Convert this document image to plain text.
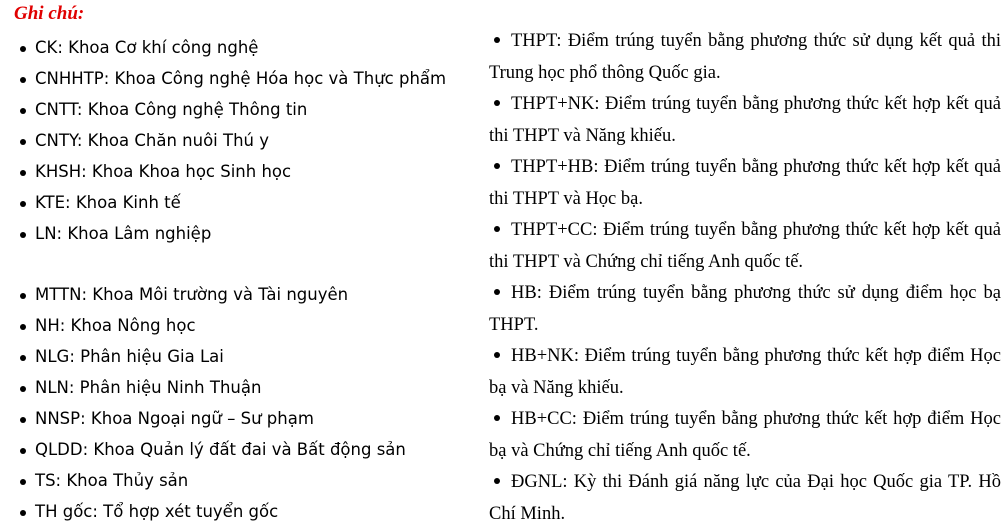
Ghi chú:
CK: Khoa Cơ khí công nghệ
CNHHTP: Khoa Công nghệ Hóa học và Thực phẩm
CNTT: Khoa Công nghệ Thông tin
CNTY: Khoa Chăn nuôi Thú y
KHSH: Khoa Khoa học Sinh học
KTE: Khoa Kinh tế
LN: Khoa Lâm nghiệp
MTTN: Khoa Môi trường và Tài nguyên
NH: Khoa Nông học
NLG: Phân hiệu Gia Lai
NLN: Phân hiệu Ninh Thuận
NNSP: Khoa Ngoại ngữ – Sư phạm
QLDD: Khoa Quản lý đất đai và Bất động sản
TS: Khoa Thủy sản
TH gốc: Tổ hợp xét tuyển gốc
THPT: Điểm trúng tuyển bằng phương thức sử dụng kết quả thi Trung học phổ thông Quốc gia.
THPT+NK: Điểm trúng tuyển bằng phương thức kết hợp kết quả thi THPT và Năng khiếu.
THPT+HB: Điểm trúng tuyển bằng phương thức kết hợp kết quả thi THPT và Học bạ.
THPT+CC: Điểm trúng tuyển bằng phương thức kết hợp kết quả thi THPT và Chứng chỉ tiếng Anh quốc tế.
HB: Điểm trúng tuyển bằng phương thức sử dụng điểm học bạ THPT.
HB+NK: Điểm trúng tuyển bằng phương thức kết hợp điểm Học bạ và Năng khiếu.
HB+CC: Điểm trúng tuyển bằng phương thức kết hợp điểm Học bạ và Chứng chỉ tiếng Anh quốc tế.
ĐGNL: Kỳ thi Đánh giá năng lực của Đại học Quốc gia TP. Hồ Chí Minh.
